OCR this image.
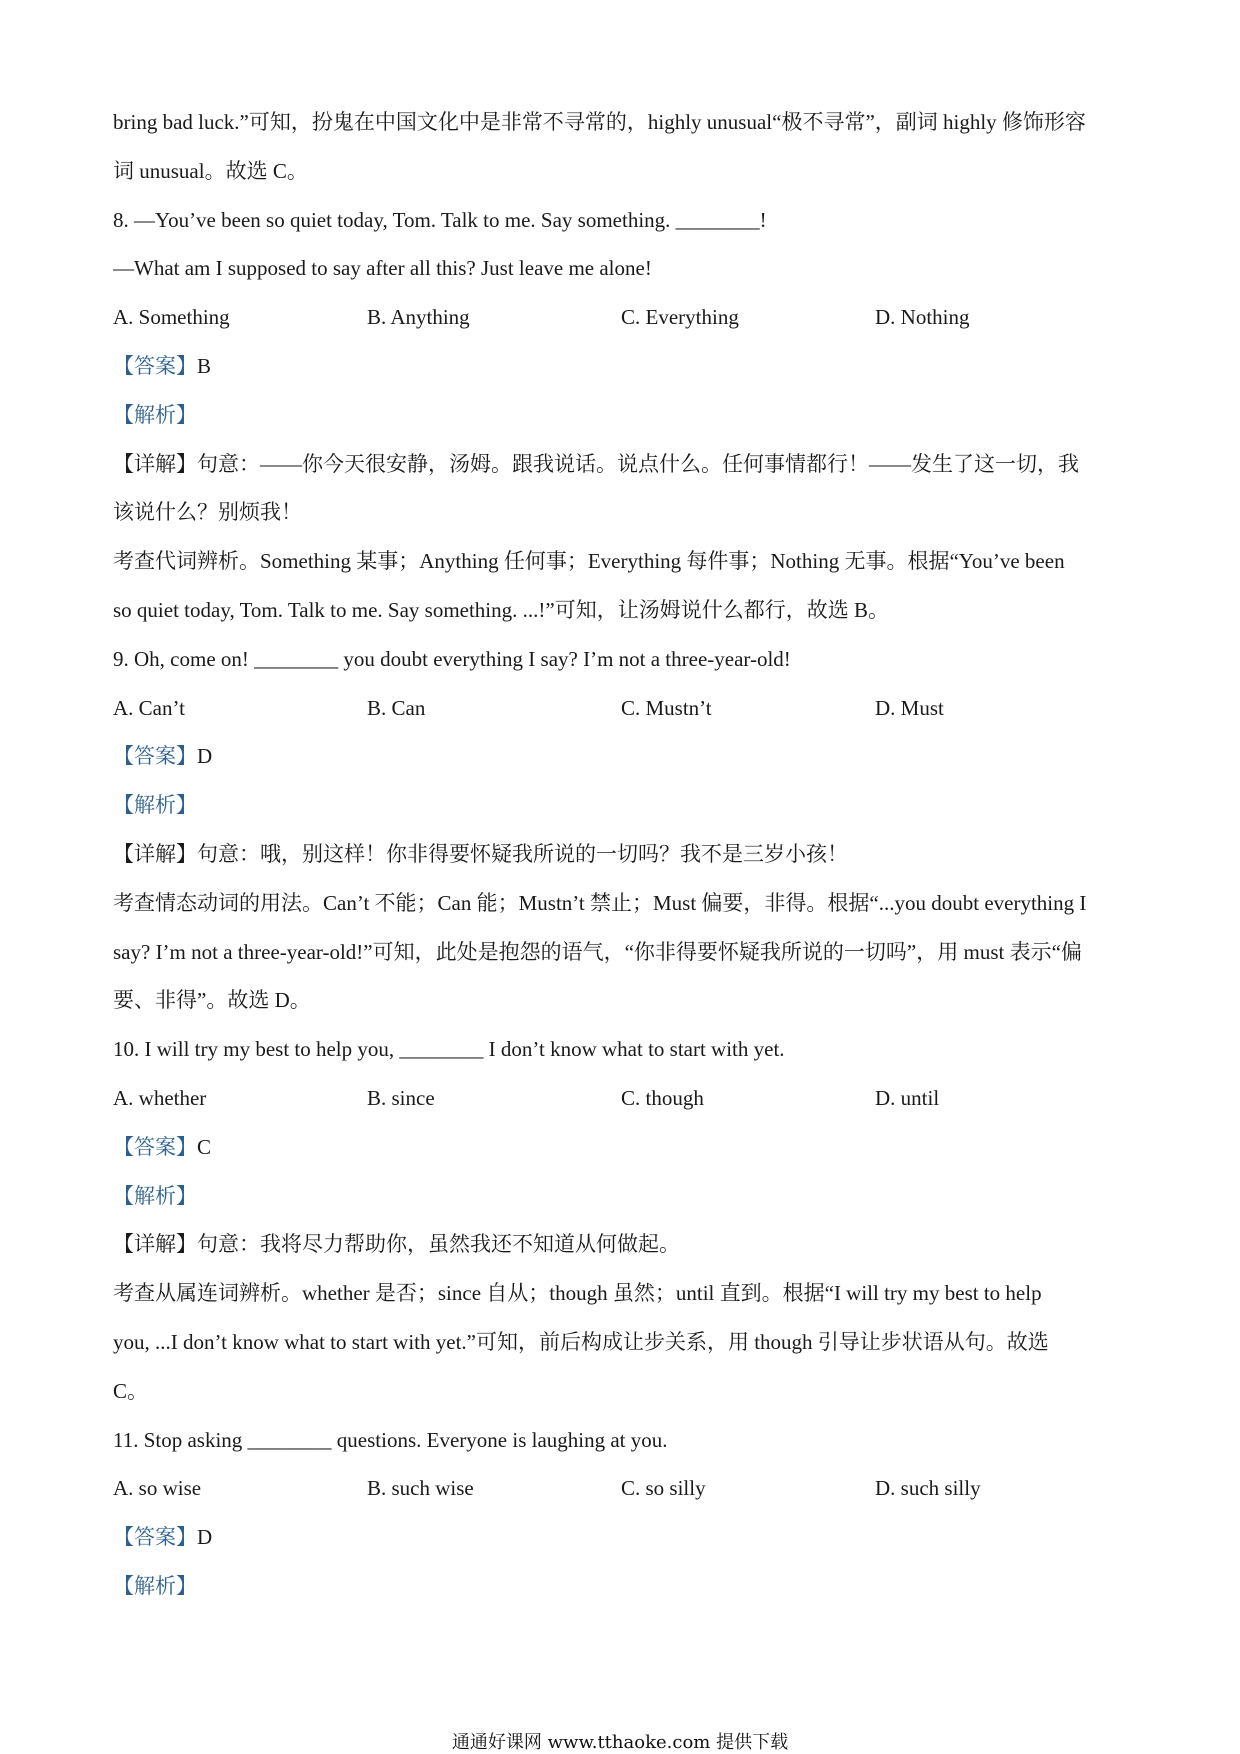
bring bad luck.”可知，扮鬼在中国文化中是非常不寻常的，highly unusual“极不寻常”，副词 highly 修饰形容
词 unusual。故选 C。
8. —You’ve been so quiet today, Tom. Talk to me. Say something. ________!
—What am I supposed to say after all this? Just leave me alone!
A. Something	B. Anything	C. Everything	D. Nothing
【答案】B
【解析】
【详解】句意：——你今天很安静，汤姆。跟我说话。说点什么。任何事情都行！——发生了这一切，我
该说什么？别烦我！
考查代词辨析。Something 某事；Anything 任何事；Everything 每件事；Nothing 无事。根据“You’ve been
so quiet today, Tom. Talk to me. Say something. ...!”可知，让汤姆说什么都行，故选 B。
9. Oh, come on! ________ you doubt everything I say? I’m not a three-year-old!
A. Can’t	B. Can	C. Mustn’t	D. Must
【答案】D
【解析】
【详解】句意：哦，别这样！你非得要怀疑我所说的一切吗？我不是三岁小孩！
考查情态动词的用法。Can’t 不能；Can 能；Mustn’t 禁止；Must 偏要，非得。根据“...you doubt everything I
say? I’m not a three-year-old!”可知，此处是抱怨的语气，“你非得要怀疑我所说的一切吗”，用 must 表示“偏
要、非得”。故选 D。
10. I will try my best to help you, ________ I don’t know what to start with yet.
A. whether	B. since	C. though	D. until
【答案】C
【解析】
【详解】句意：我将尽力帮助你，虽然我还不知道从何做起。
考查从属连词辨析。whether 是否；since 自从；though 虽然；until 直到。根据“I will try my best to help
you, ...I don’t know what to start with yet.”可知，前后构成让步关系，用 though 引导让步状语从句。故选
C。
11. Stop asking ________ questions. Everyone is laughing at you.
A. so wise	B. such wise	C. so silly	D. such silly
【答案】D
【解析】
通通好课网 www.tthaoke.com 提供下载
